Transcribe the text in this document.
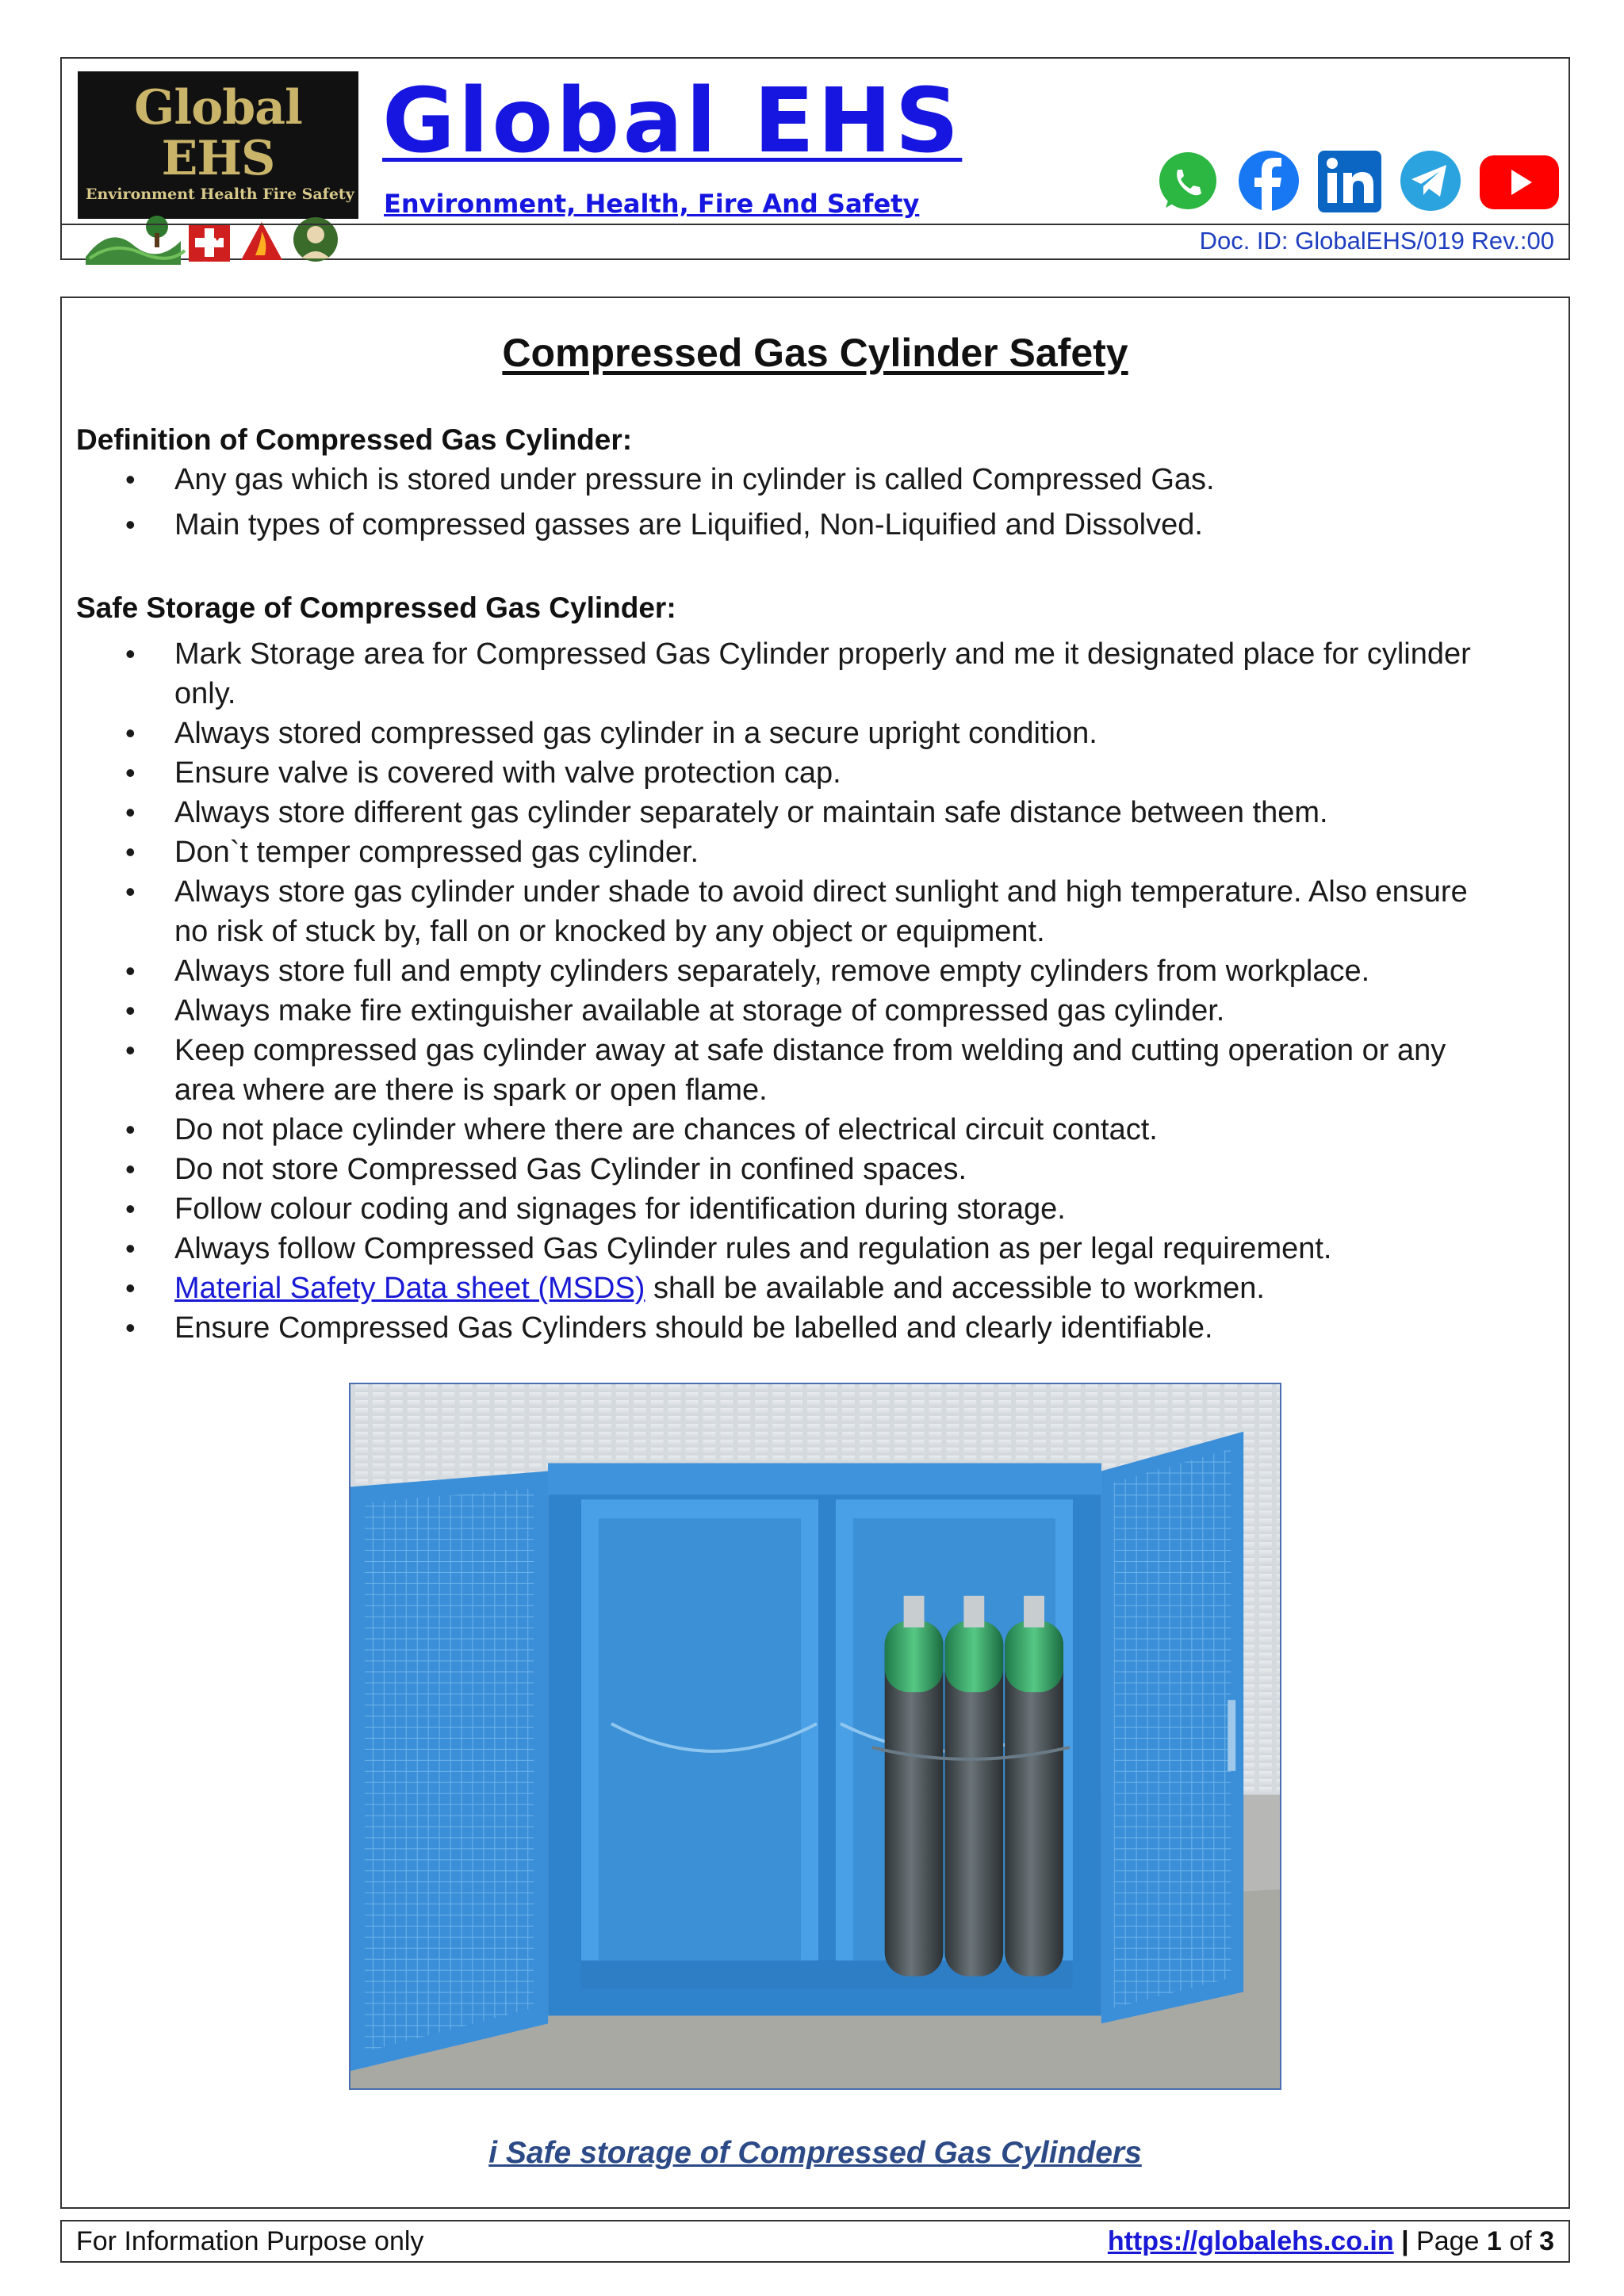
Global EHS
Environment Health Fire Safety
Global EHS
Environment, Health, Fire And Safety
Doc. ID: GlobalEHS/019 Rev.:00
Compressed Gas Cylinder Safety
Definition of Compressed Gas Cylinder:
• Any gas which is stored under pressure in cylinder is called Compressed Gas.
• Main types of compressed gasses are Liquified, Non-Liquified and Dissolved.
Safe Storage of Compressed Gas Cylinder:
• Mark Storage area for Compressed Gas Cylinder properly and me it designated place for cylinder only.
• Always stored compressed gas cylinder in a secure upright condition.
• Ensure valve is covered with valve protection cap.
• Always store different gas cylinder separately or maintain safe distance between them.
• Don`t temper compressed gas cylinder.
• Always store gas cylinder under shade to avoid direct sunlight and high temperature. Also ensure no risk of stuck by, fall on or knocked by any object or equipment.
• Always store full and empty cylinders separately, remove empty cylinders from workplace.
• Always make fire extinguisher available at storage of compressed gas cylinder.
• Keep compressed gas cylinder away at safe distance from welding and cutting operation or any area where are there is spark or open flame.
• Do not place cylinder where there are chances of electrical circuit contact.
• Do not store Compressed Gas Cylinder in confined spaces.
• Follow colour coding and signages for identification during storage.
• Always follow Compressed Gas Cylinder rules and regulation as per legal requirement.
• Material Safety Data sheet (MSDS) shall be available and accessible to workmen.
• Ensure Compressed Gas Cylinders should be labelled and clearly identifiable.
i Safe storage of Compressed Gas Cylinders
For Information Purpose only	https://globalehs.co.in | Page 1 of 3
